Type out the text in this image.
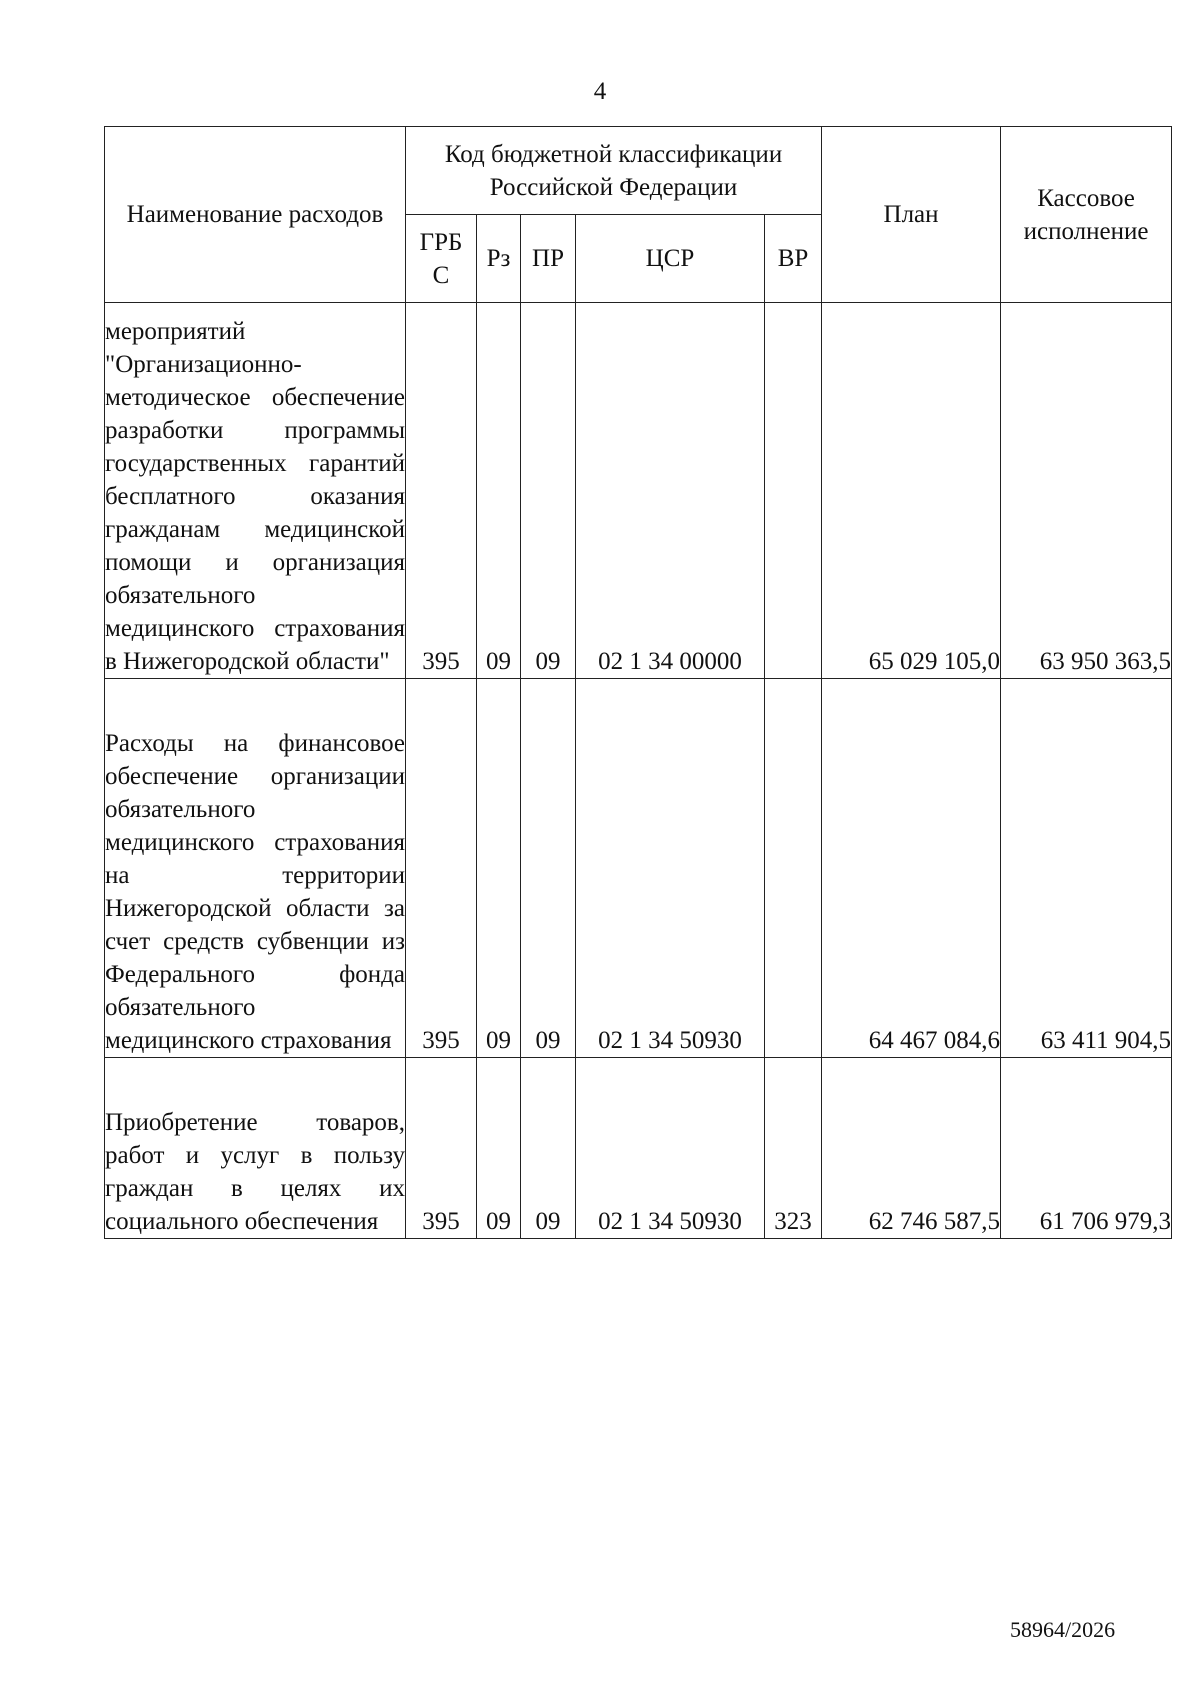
4
Наименование расходов	Код бюджетной классификации Российской Федерации					План	Кассовое исполнение
	ГРБ С	Рз	ПР	ЦСР	ВР		
мероприятий "Организационно-методическое обеспечение разработки программы государственных гарантий бесплатного оказания гражданам медицинской помощи и организация обязательного медицинского страхования в Нижегородской области"	395	09	09	02 1 34 00000		65 029 105,0	63 950 363,5
Расходы на финансовое обеспечение организации обязательного медицинского страхования на территории Нижегородской области за счет средств субвенции из Федерального фонда обязательного медицинского страхования	395	09	09	02 1 34 50930		64 467 084,6	63 411 904,5
Приобретение товаров, работ и услуг в пользу граждан в целях их социального обеспечения	395	09	09	02 1 34 50930	323	62 746 587,5	61 706 979,3
58964/2026
